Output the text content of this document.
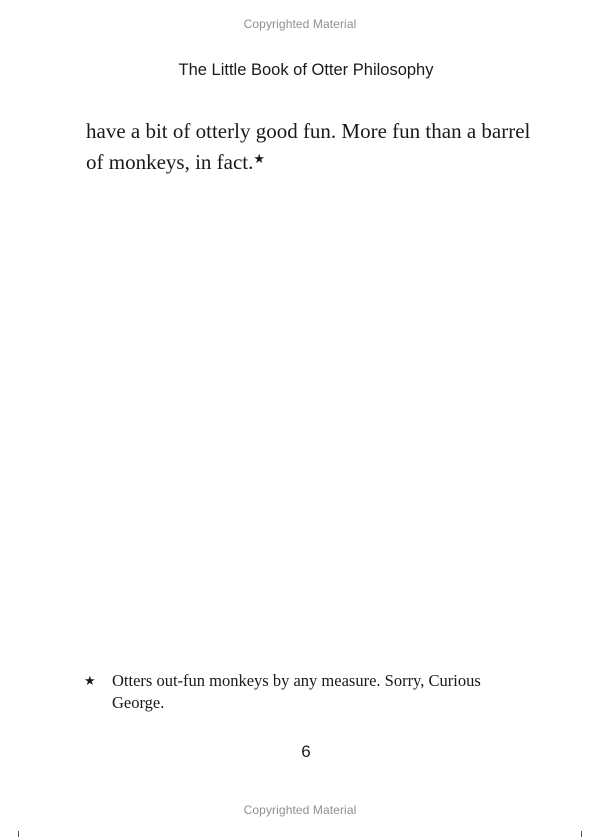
Copyrighted Material
The Little Book of Otter Philosophy
have a bit of otterly good fun. More fun than a barrel
of monkeys, in fact.★
★ Otters out-fun monkeys by any measure. Sorry, Curious
George.
6
Copyrighted Material
